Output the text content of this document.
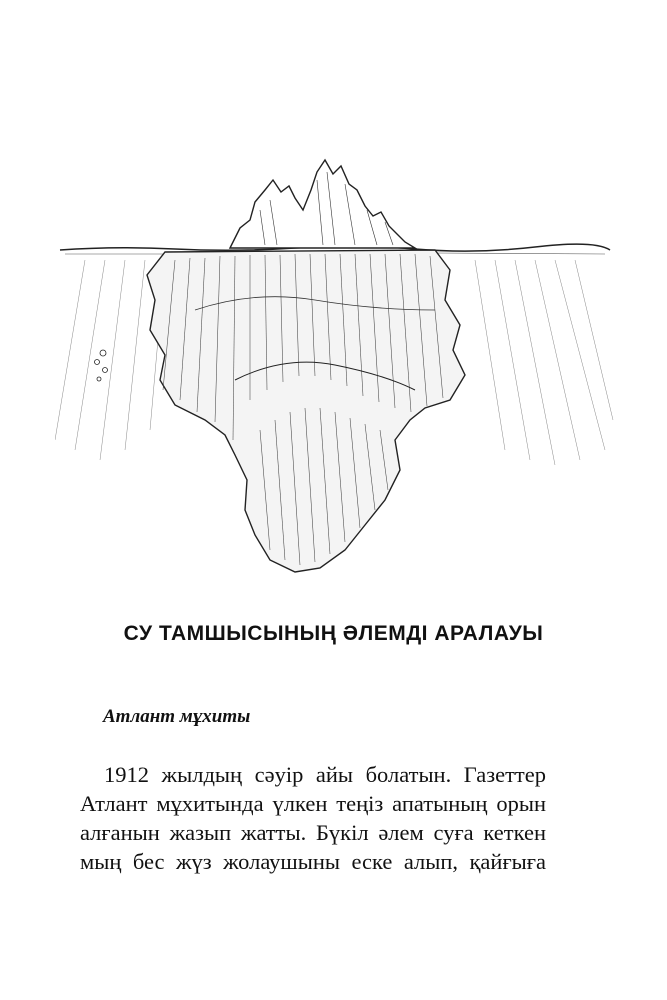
СУ ТАМШЫСЫНЫҢ ӘЛЕМДІ АРАЛАУЫ
Атлант мұхиты
1912 жылдың сәуір айы болатын. Газеттер
Атлант мұхитында үлкен теңіз апатының орын
алғанын жазып жатты. Бүкіл әлем суға кеткен
мың бес жүз жолаушыны еске алып, қайғыға
